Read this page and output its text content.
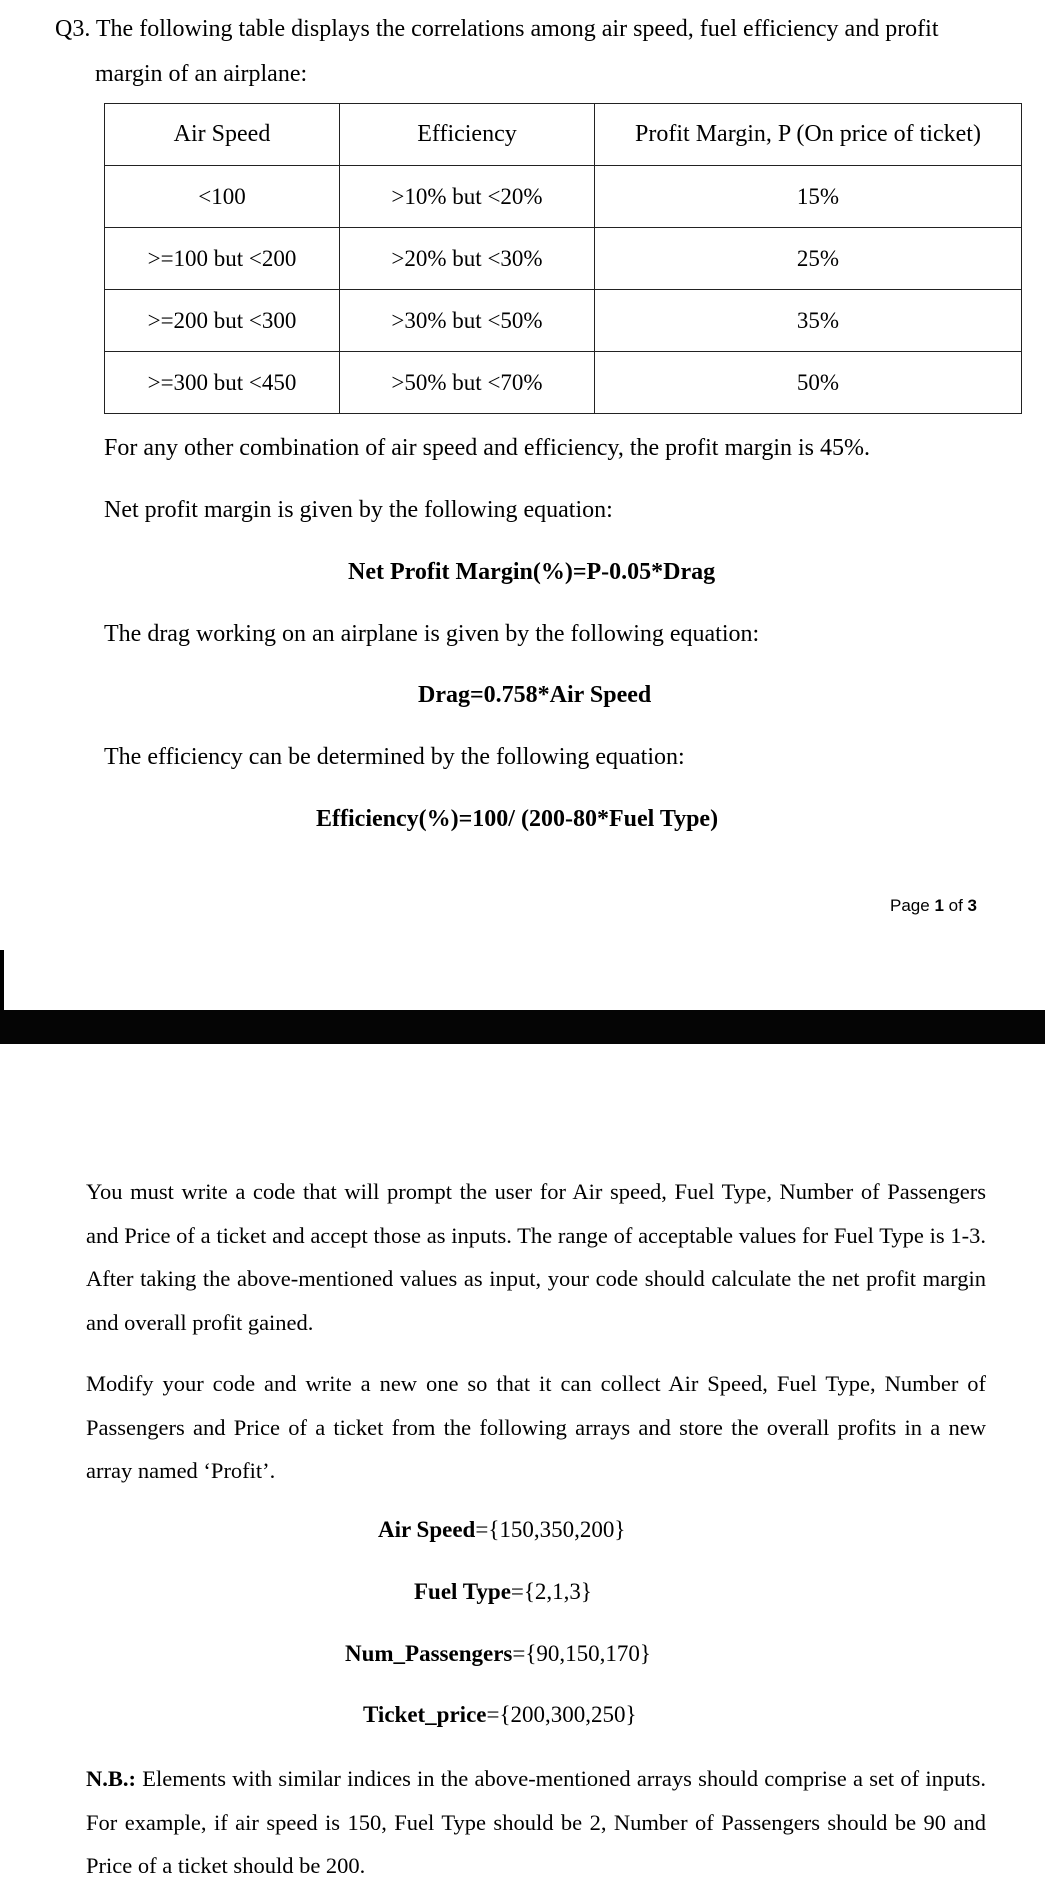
Q3. The following table displays the correlations among air speed, fuel efficiency and profit
margin of an airplane:
Air Speed	Efficiency	Profit Margin, P (On price of ticket)
<100	>10% but <20%	15%
>=100 but <200	>20% but <30%	25%
>=200 but <300	>30% but <50%	35%
>=300 but <450	>50% but <70%	50%
For any other combination of air speed and efficiency, the profit margin is 45%.
Net profit margin is given by the following equation:
Net Profit Margin(%)=P-0.05*Drag
The drag working on an airplane is given by the following equation:
Drag=0.758*Air Speed
The efficiency can be determined by the following equation:
Efficiency(%)=100/ (200-80*Fuel Type)
Page 1 of 3
You must write a code that will prompt the user for Air speed, Fuel Type, Number of Passengers and Price of a ticket and accept those as inputs. The range of acceptable values for Fuel Type is 1-3. After taking the above-mentioned values as input, your code should calculate the net profit margin and overall profit gained.
Modify your code and write a new one so that it can collect Air Speed, Fuel Type, Number of Passengers and Price of a ticket from the following arrays and store the overall profits in a new array named ‘Profit’.
Air Speed={150,350,200}
Fuel Type={2,1,3}
Num_Passengers={90,150,170}
Ticket_price={200,300,250}
N.B.: Elements with similar indices in the above-mentioned arrays should comprise a set of inputs. For example, if air speed is 150, Fuel Type should be 2, Number of Passengers should be 90 and Price of a ticket should be 200.
